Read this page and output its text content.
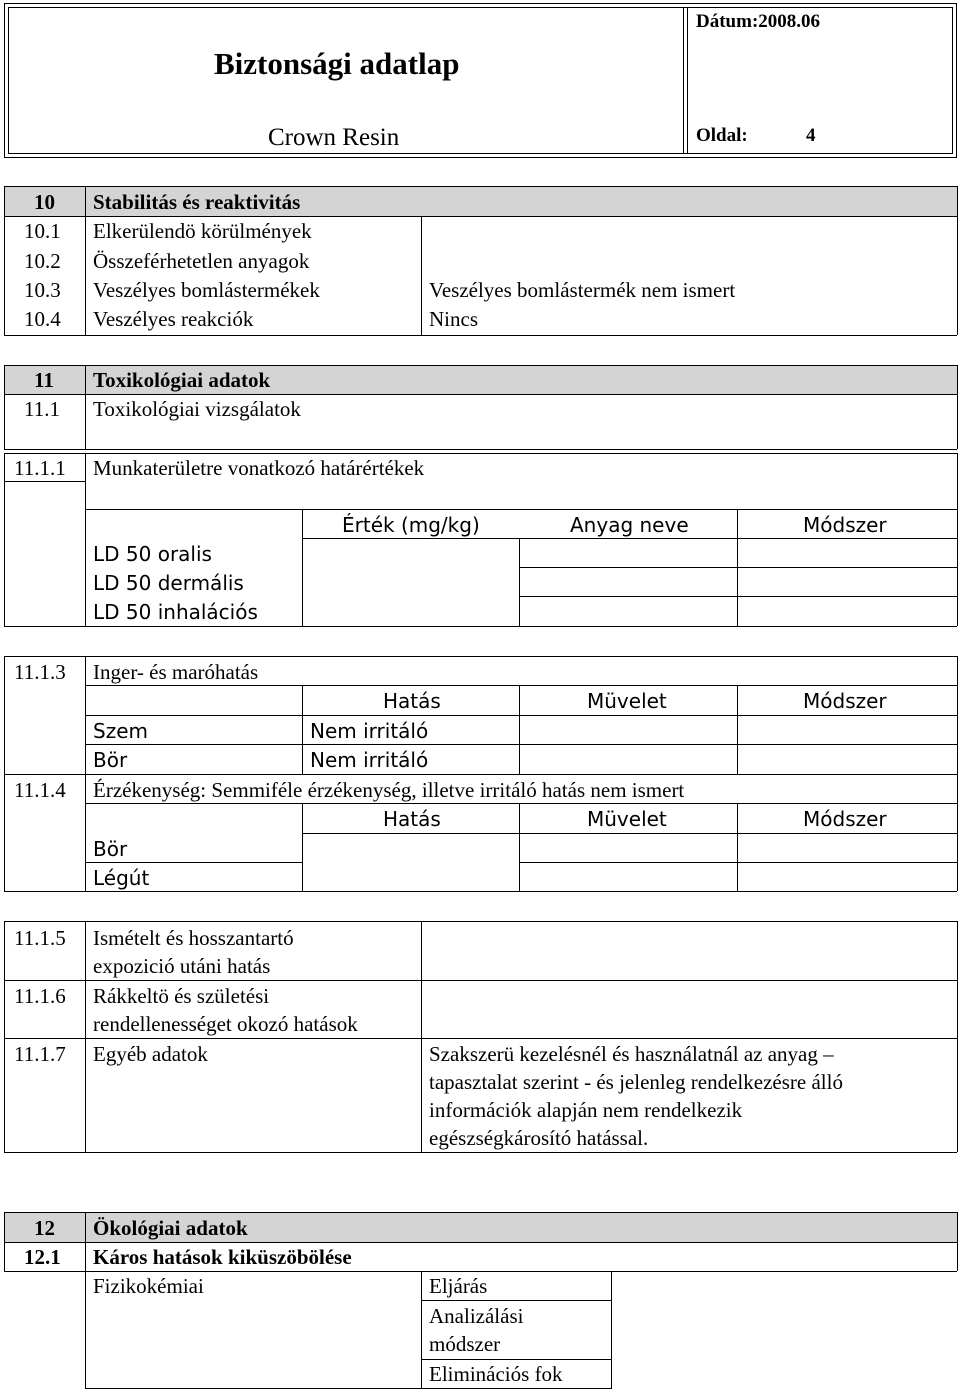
Biztonsági adatlap
Crown Resin
Dátum:2008.06
Oldal:	4
10 Stabilitás és reaktivitás
10.1 Elkerülendö körülmények
10.2 Összeférhetetlen anyagok
10.3 Veszélyes bomlástermékek	Veszélyes bomlástermék nem ismert
10.4 Veszélyes reakciók	Nincs
11 Toxikológiai adatok
11.1 Toxikológiai vizsgálatok
11.1.1 Munkaterületre vonatkozó határértékek
Érték (mg/kg)	Anyag neve	Módszer
LD 50 oralis
LD 50 dermális
LD 50 inhalációs
11.1.3 Inger- és maróhatás
Hatás	Müvelet	Módszer
Szem	Nem irritáló
Bör	Nem irritáló
11.1.4 Érzékenység: Semmiféle érzékenység, illetve irritáló hatás nem ismert
Hatás	Müvelet	Módszer
Bör
Légút
11.1.5 Ismételt és hosszantartó
expozició utáni hatás
11.1.6 Rákkeltö és születési
rendellenességet okozó hatások
11.1.7 Egyéb adatok	Szakszerü kezelésnél és használatnál az anyag –
tapasztalat szerint - és jelenleg rendelkezésre álló
információk alapján nem rendelkezik
egészségkárosító hatással.
12 Ökológiai adatok
12.1 Káros hatások kiküszöbölése
Fizikokémiai	Eljárás
Analizálási
módszer
Eliminációs fok
